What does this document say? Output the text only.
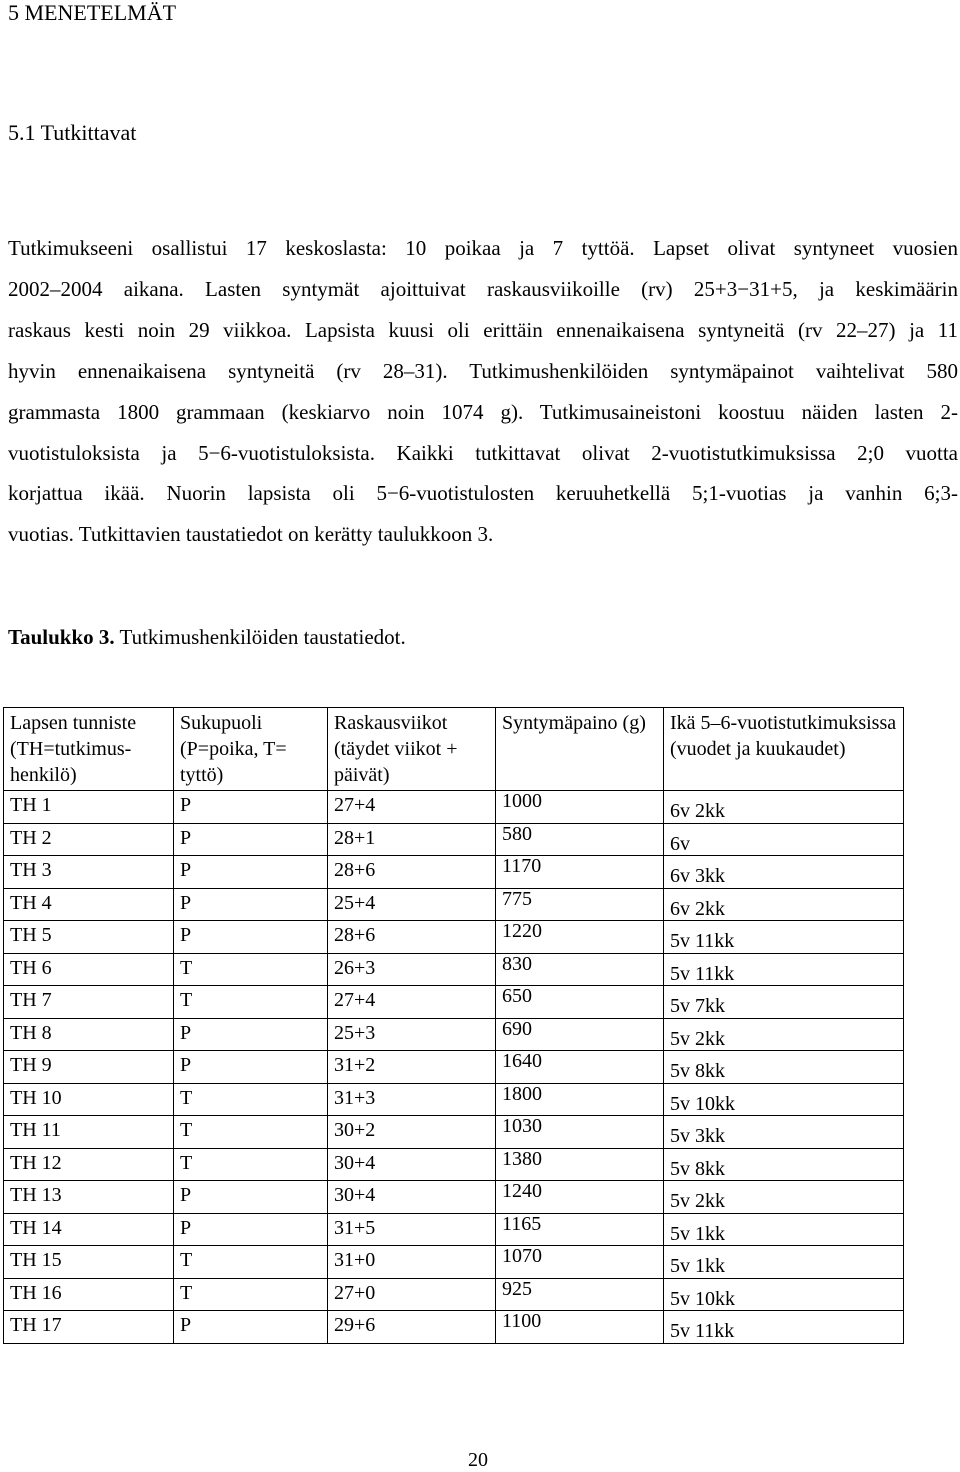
5 MENETELMÄT
5.1 Tutkittavat
Tutkimukseeni osallistui 17 keskoslasta: 10 poikaa ja 7 tyttöä. Lapset olivat syntyneet vuosien
2002–2004 aikana. Lasten syntymät ajoittuivat raskausviikoille (rv) 25+3−31+5, ja keskimäärin
raskaus kesti noin 29 viikkoa. Lapsista kuusi oli erittäin ennenaikaisena syntyneitä (rv 22–27) ja 11
hyvin ennenaikaisena syntyneitä (rv 28–31). Tutkimushenkilöiden syntymäpainot vaihtelivat 580
grammasta 1800 grammaan (keskiarvo noin 1074 g). Tutkimusaineistoni koostuu näiden lasten 2-
vuotistuloksista ja 5−6-vuotistuloksista. Kaikki tutkittavat olivat 2-vuotistutkimuksissa 2;0 vuotta
korjattua ikää. Nuorin lapsista oli 5−6-vuotistulosten keruuhetkellä 5;1-vuotias ja vanhin 6;3-
vuotias. Tutkittavien taustatiedot on kerätty taulukkoon 3.
Taulukko 3. Tutkimushenkilöiden taustatiedot.
Lapsen tunniste (TH=tutkimus-henkilö)	Sukupuoli (P=poika, T= tyttö)	Raskausviikot (täydet viikot + päivät)	Syntymäpaino (g)	Ikä 5–6-vuotistutkimuksissa (vuodet ja kuukaudet)
TH 1	P	27+4	1000	6v 2kk
TH 2	P	28+1	580	6v
TH 3	P	28+6	1170	6v 3kk
TH 4	P	25+4	775	6v 2kk
TH 5	P	28+6	1220	5v 11kk
TH 6	T	26+3	830	5v 11kk
TH 7	T	27+4	650	5v 7kk
TH 8	P	25+3	690	5v 2kk
TH 9	P	31+2	1640	5v 8kk
TH 10	T	31+3	1800	5v 10kk
TH 11	T	30+2	1030	5v 3kk
TH 12	T	30+4	1380	5v 8kk
TH 13	P	30+4	1240	5v 2kk
TH 14	P	31+5	1165	5v 1kk
TH 15	T	31+0	1070	5v 1kk
TH 16	T	27+0	925	5v 10kk
TH 17	P	29+6	1100	5v 11kk
20
